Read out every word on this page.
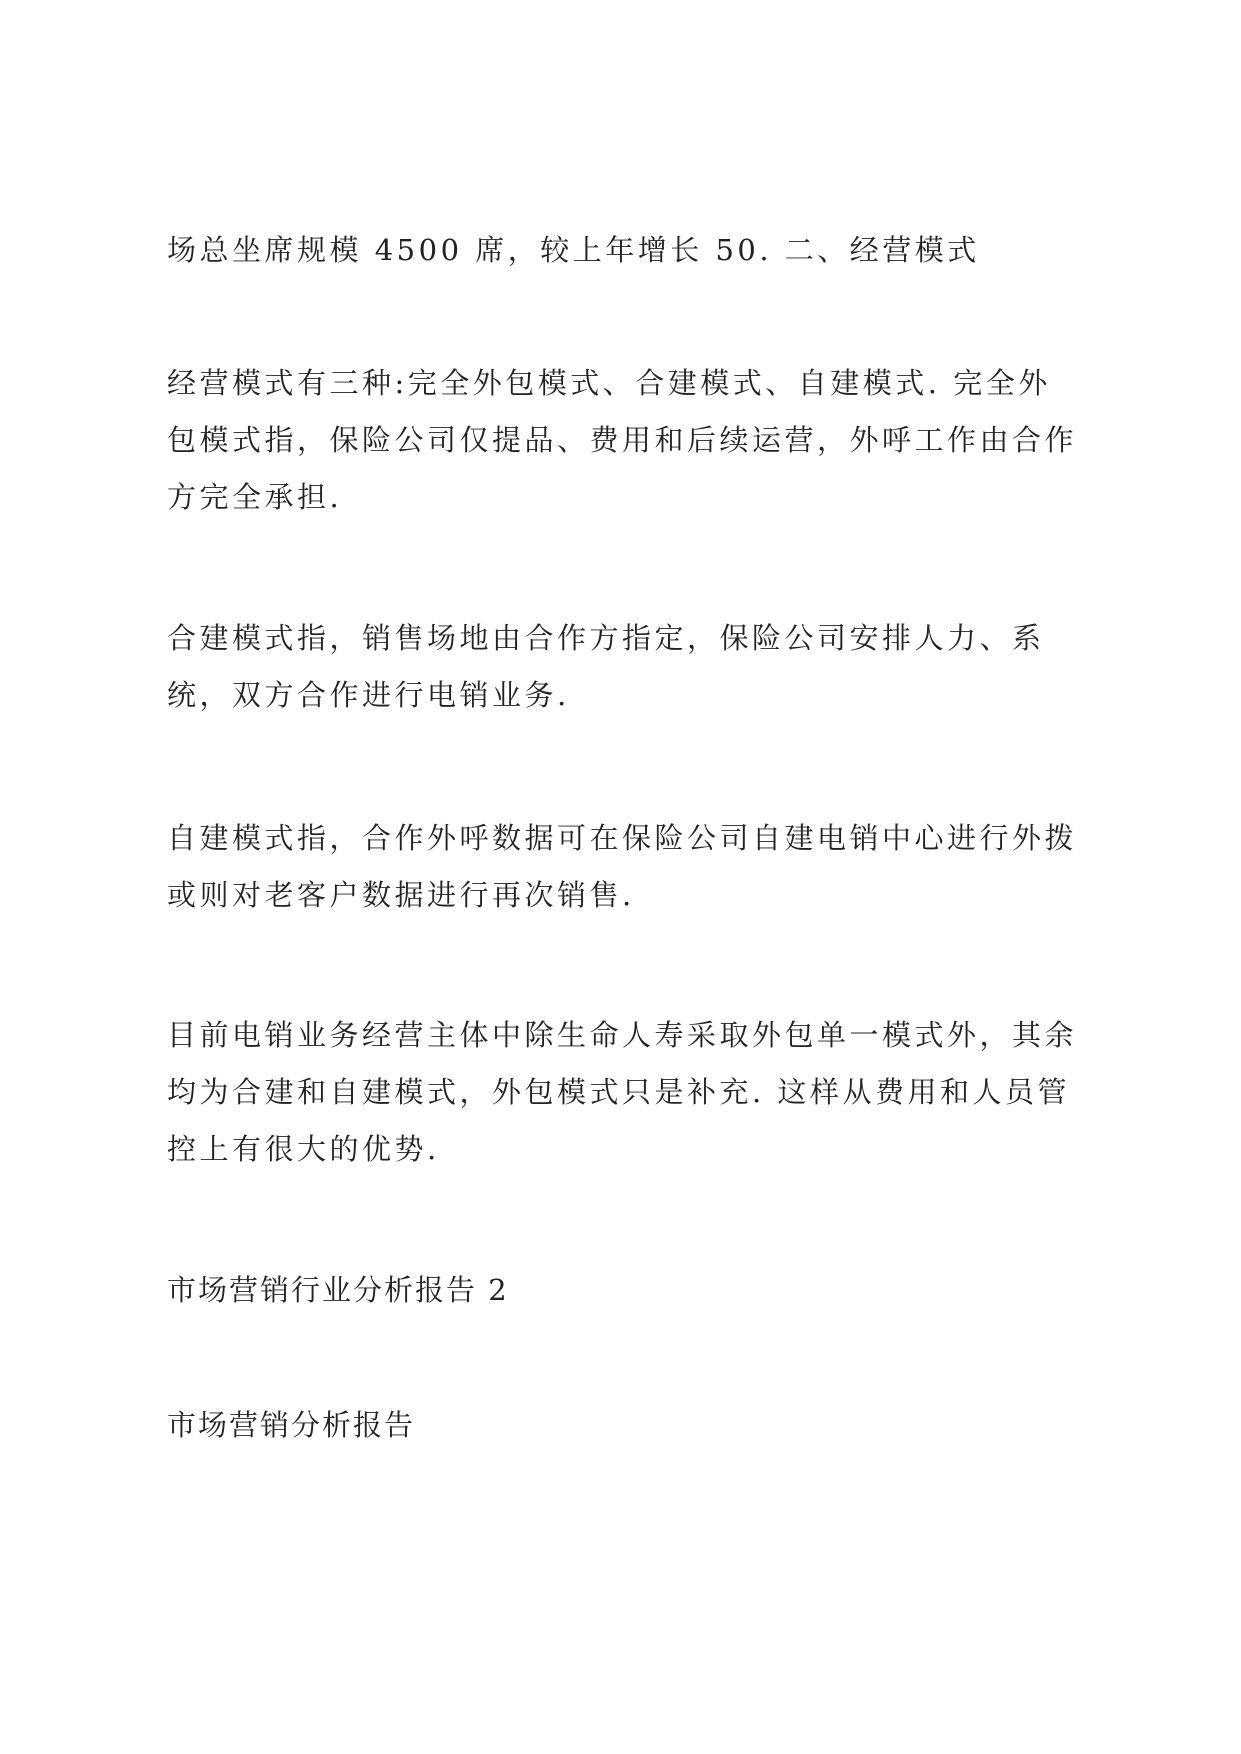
场总坐席规模 4500 席，较上年增长 50. 二、经营模式

经营模式有三种:完全外包模式、合建模式、自建模式. 完全外
包模式指，保险公司仅提品、费用和后续运营，外呼工作由合作
方完全承担.

合建模式指，销售场地由合作方指定，保险公司安排人力、系
统，双方合作进行电销业务.

自建模式指，合作外呼数据可在保险公司自建电销中心进行外拨
或则对老客户数据进行再次销售.

目前电销业务经营主体中除生命人寿采取外包单一模式外，其余
均为合建和自建模式，外包模式只是补充. 这样从费用和人员管
控上有很大的优势.

市场营销行业分析报告 2

市场营销分析报告
